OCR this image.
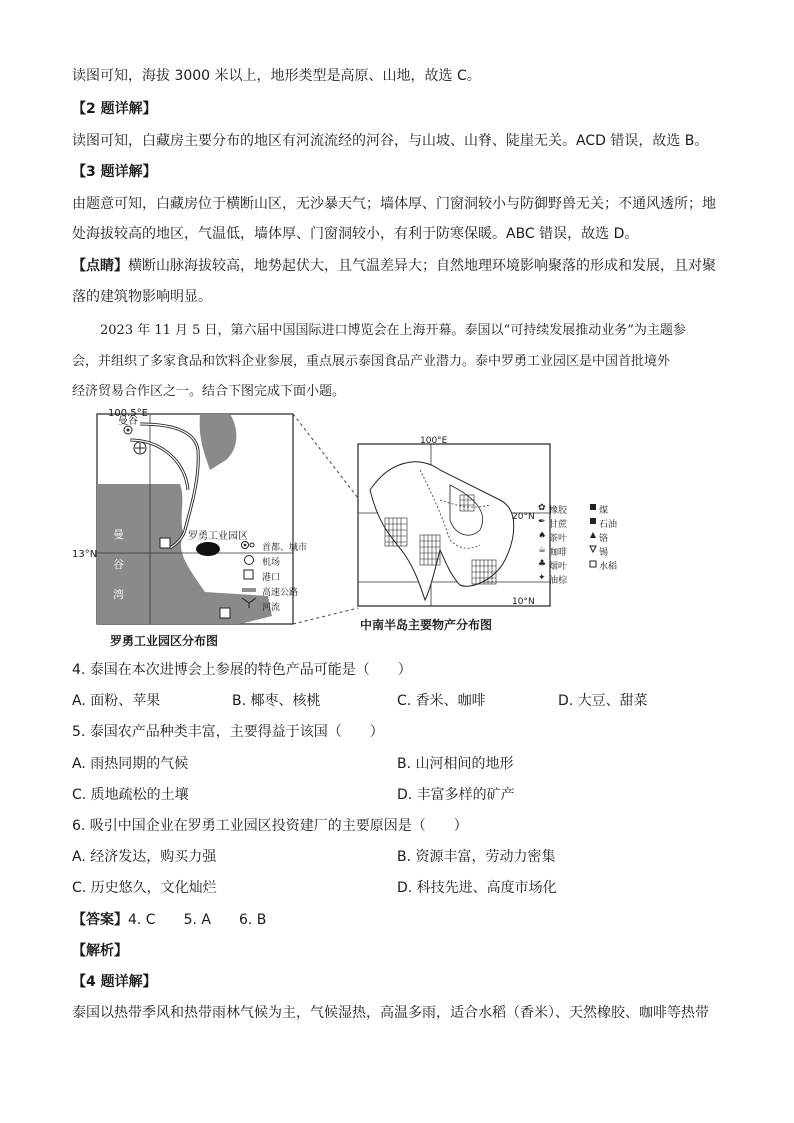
读图可知，海拔 3000 米以上，地形类型是高原、山地，故选 C。
【2 题详解】
读图可知，白藏房主要分布的地区有河流流经的河谷，与山坡、山脊、陡崖无关。ACD 错误，故选 B。
【3 题详解】
由题意可知，白藏房位于横断山区，无沙暴天气；墙体厚、门窗洞较小与防御野兽无关；不通风透所；地
处海拔较高的地区，气温低，墙体厚、门窗洞较小，有利于防寒保暖。ABC 错误，故选 D。
【点睛】横断山脉海拔较高，地势起伏大，且气温差异大；自然地理环境影响聚落的形成和发展，且对聚
落的建筑物影响明显。
2023 年 11 月 5 日，第六届中国国际进口博览会在上海开幕。泰国以“可持续发展推动业务”为主题参
会，并组织了多家食品和饮料企业参展，重点展示泰国食品产业潜力。泰中罗勇工业园区是中国首批境外
经济贸易合作区之一。结合下图完成下面小题。
✿
✒
♠
☕
♣
✦
100.5°E
13°N
曼谷
罗勇工业园区
曼
谷
湾
首都、城市
机场
港口
高速公路
河流
罗勇工业园区分布图
100°E
20°N
10°N
橡胶
甘蔗
茶叶
咖啡
烟叶
油棕
煤
石油
铬
锡
水稻
中南半岛主要物产分布图
4. 泰国在本次进博会上参展的特色产品可能是（　　）
A. 面粉、苹果	B. 椰枣、核桃	C. 香米、咖啡	D. 大豆、甜菜
5. 泰国农产品种类丰富，主要得益于该国（　　）
A. 雨热同期的气候	B. 山河相间的地形
C. 质地疏松的土壤	D. 丰富多样的矿产
6. 吸引中国企业在罗勇工业园区投资建厂的主要原因是（　　）
A. 经济发达，购买力强	B. 资源丰富，劳动力密集
C. 历史悠久，文化灿烂	D. 科技先进、高度市场化
【答案】4. C　　5. A　　6. B
【解析】
【4 题详解】
泰国以热带季风和热带雨林气候为主，气候湿热，高温多雨，适合水稻（香米）、天然橡胶、咖啡等热带
